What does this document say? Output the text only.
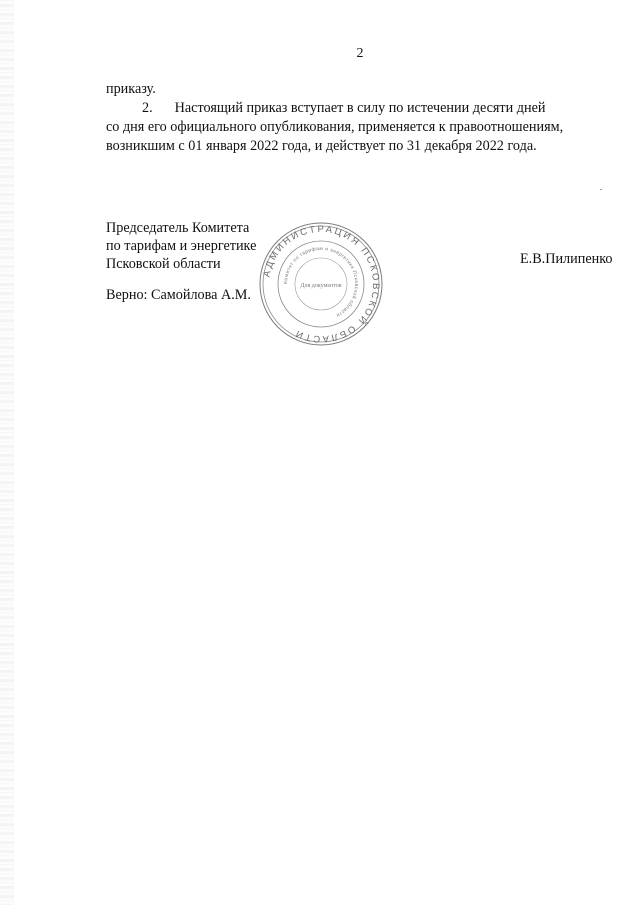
2

приказу.

2. Настоящий приказ вступает в силу по истечении десяти дней

со дня его официального опубликования, применяется к правоотношениям,

возникшим с 01 января 2022 года, и действует по 31 декабря 2022 года.

Председатель Комитета
по тарифам и энергетике
Псковской области	Е.В.Пилипенко
Верно: Самойлова А.М.
АДМИНИСТРАЦИЯ ПСКОВСКОЙ ОБЛАСТИ
Комитет по тарифам и энергетике Псковской области
Для документов
